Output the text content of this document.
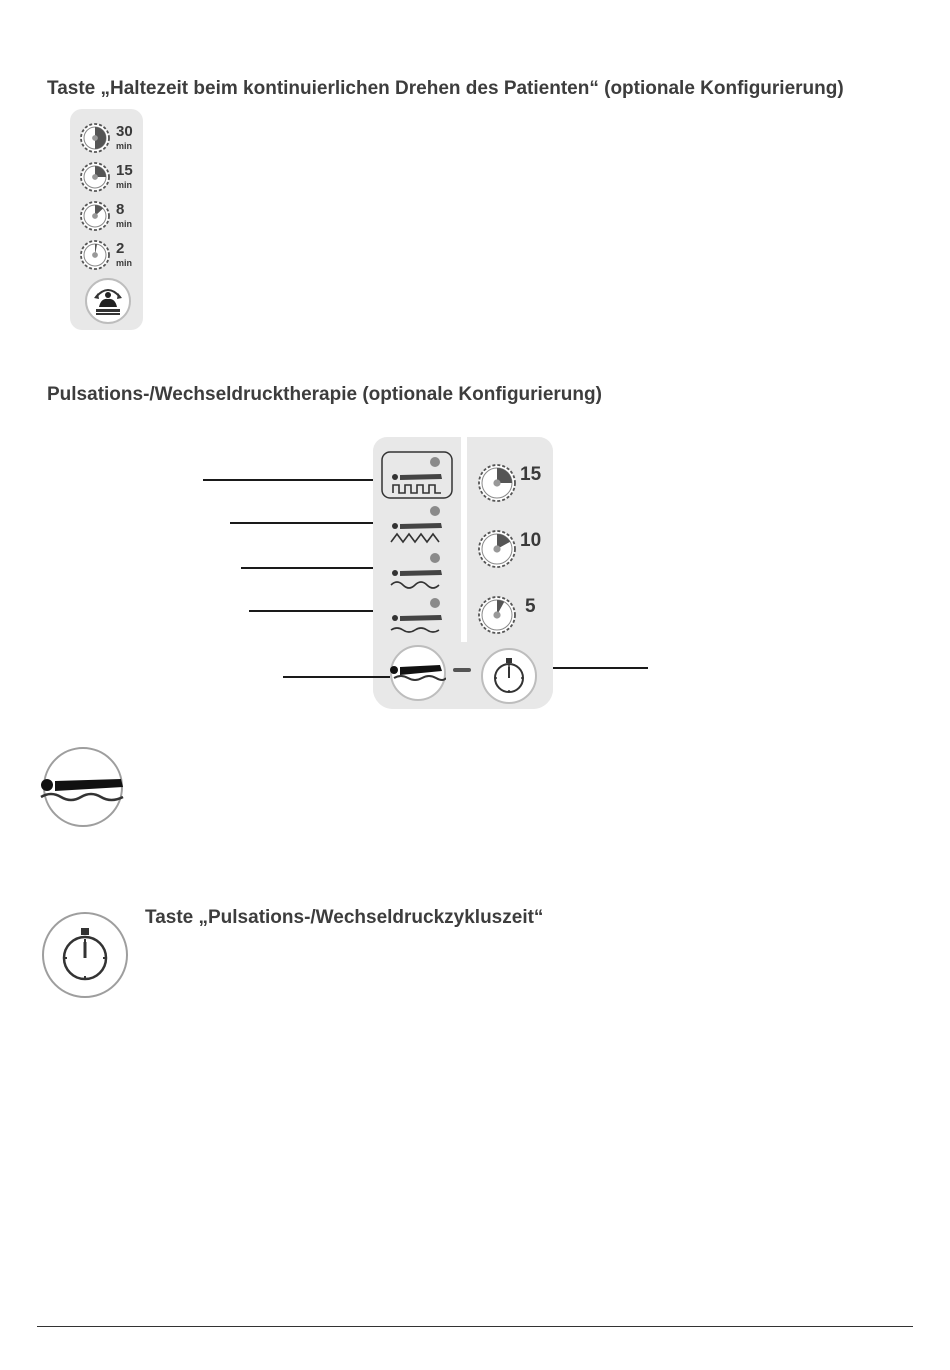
Taste „Haltezeit beim kontinuierlichen Drehen des Patienten“ (optionale Konfigurierung)
30
min
15
min
8
min
2
min
Pulsations-/Wechseldrucktherapie (optionale Konfigurierung)
15
10
5
Taste „Pulsations-/Wechseldruckzykluszeit“
